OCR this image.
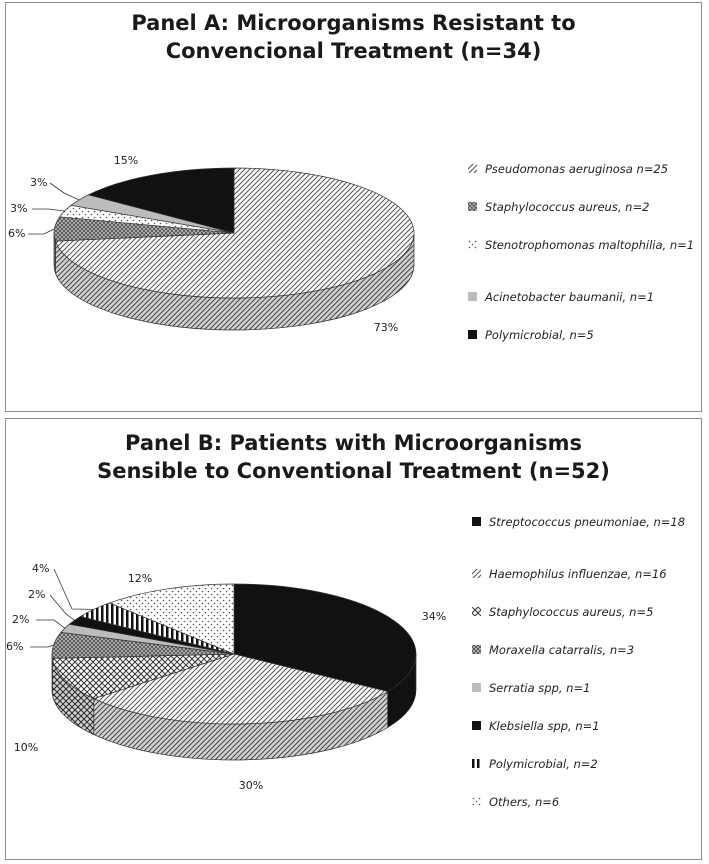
Panel A: Microorganisms Resistant to
Convencional Treatment (n=34)
73%
6%
3%
3%
15%
Pseudomonas aeruginosa n=25
Staphylococcus aureus, n=2
Stenotrophomonas maltophilia, n=1
Acinetobacter baumanii, n=1
Polymicrobial, n=5
Panel B: Patients with Microorganisms
Sensible to Conventional Treatment (n=52)
34%
30%
10%
6%
2%
2%
4%
12%
Streptococcus pneumoniae, n=18
Haemophilus influenzae, n=16
Staphylococcus aureus, n=5
Moraxella catarralis, n=3
Serratia spp, n=1
Klebsiella spp, n=1
Polymicrobial, n=2
Others, n=6
